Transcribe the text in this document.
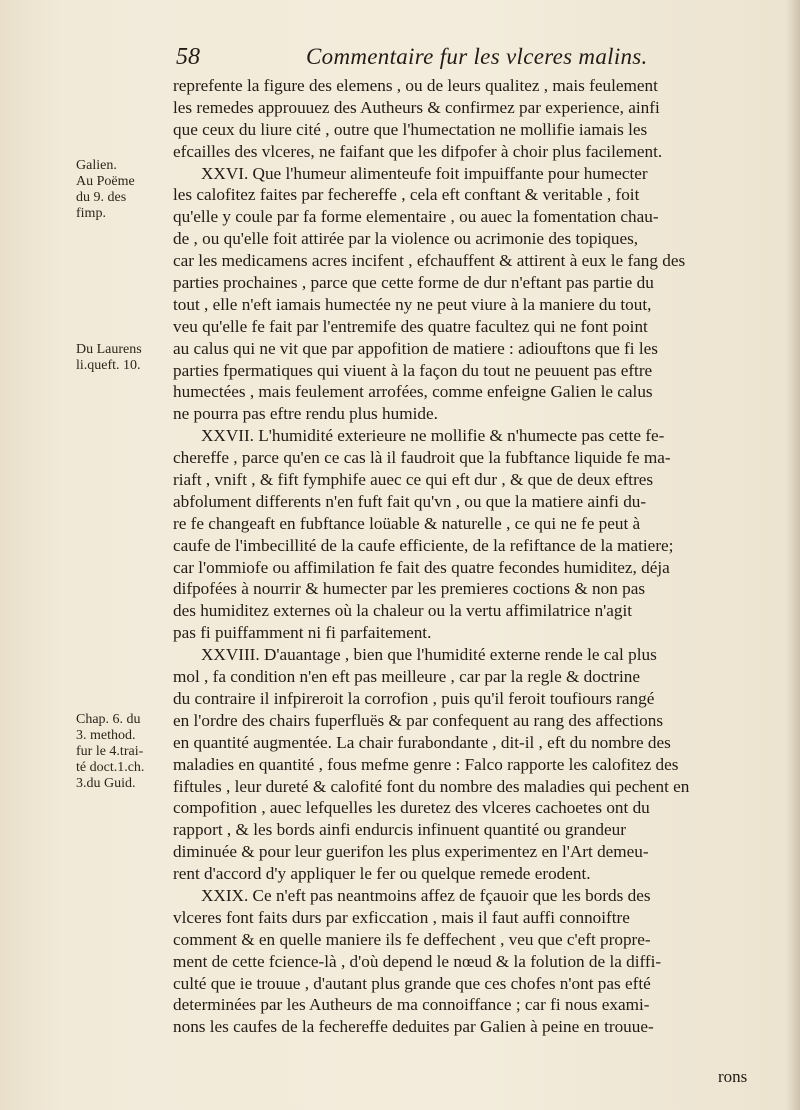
58	Commentaire fur les vlceres malins.
Galien.
Au Poëme
du 9. des
fimp.
Du Laurens
li.queft. 10.
Chap. 6. du
3. method.
fur le 4.trai-
té doct.1.ch.
3.du Guid.
reprefente la figure des elemens , ou de leurs qualitez , mais feulement
les remedes approuuez des Autheurs & confirmez par experience, ainfi
que ceux du liure cité , outre que l'humectation ne mollifie iamais les
efcailles des vlceres, ne faifant que les difpofer à choir plus facilement.
XXVI. Que l'humeur alimenteufe foit impuiffante pour humecter
les calofitez faites par fechereffe , cela eft conftant & veritable , foit
qu'elle y coule par fa forme elementaire , ou auec la fomentation chau-
de , ou qu'elle foit attirée par la violence ou acrimonie des topiques,
car les medicamens acres incifent , efchauffent & attirent à eux le fang des
parties prochaines , parce que cette forme de dur n'eftant pas partie du
tout , elle n'eft iamais humectée ny ne peut viure à la maniere du tout,
veu qu'elle fe fait par l'entremife des quatre facultez qui ne font point
au calus qui ne vit que par appofition de matiere : adiouftons que fi les
parties fpermatiques qui viuent à la façon du tout ne peuuent pas eftre
humectées , mais feulement arrofées, comme enfeigne Galien le calus
ne pourra pas eftre rendu plus humide.
XXVII. L'humidité exterieure ne mollifie & n'humecte pas cette fe-
chereffe , parce qu'en ce cas là il faudroit que la fubftance liquide fe ma-
riaft , vnift , & fift fymphife auec ce qui eft dur , & que de deux eftres
abfolument differents n'en fuft fait qu'vn , ou que la matiere ainfi du-
re fe changeaft en fubftance loüable & naturelle , ce qui ne fe peut à
caufe de l'imbecillité de la caufe efficiente, de la refiftance de la matiere;
car l'ommiofe ou affimilation fe fait des quatre fecondes humiditez, déja
difpofées à nourrir & humecter par les premieres coctions & non pas
des humiditez externes où la chaleur ou la vertu affimilatrice n'agit
pas fi puiffamment ni fi parfaitement.
XXVIII. D'auantage , bien que l'humidité externe rende le cal plus
mol , fa condition n'en eft pas meilleure , car par la regle & doctrine
du contraire il infpireroit la corrofion , puis qu'il feroit toufiours rangé
en l'ordre des chairs fuperfluës & par confequent au rang des affections
en quantité augmentée. La chair furabondante , dit-il , eft du nombre des
maladies en quantité , fous mefme genre : Falco rapporte les calofitez des
fiftules , leur dureté & calofité font du nombre des maladies qui pechent en
compofition , auec lefquelles les duretez des vlceres cachoetes ont du
rapport , & les bords ainfi endurcis infinuent quantité ou grandeur
diminuée & pour leur guerifon les plus experimentez en l'Art demeu-
rent d'accord d'y appliquer le fer ou quelque remede erodent.
XXIX. Ce n'eft pas neantmoins affez de fçauoir que les bords des
vlceres font faits durs par exficcation , mais il faut auffi connoiftre
comment & en quelle maniere ils fe deffechent , veu que c'eft propre-
ment de cette fcience-là , d'où depend le nœud & la folution de la diffi-
culté que ie trouue , d'autant plus grande que ces chofes n'ont pas efté
determinées par les Autheurs de ma connoiffance ; car fi nous exami-
nons les caufes de la fechereffe deduites par Galien à peine en trouue-
rons
